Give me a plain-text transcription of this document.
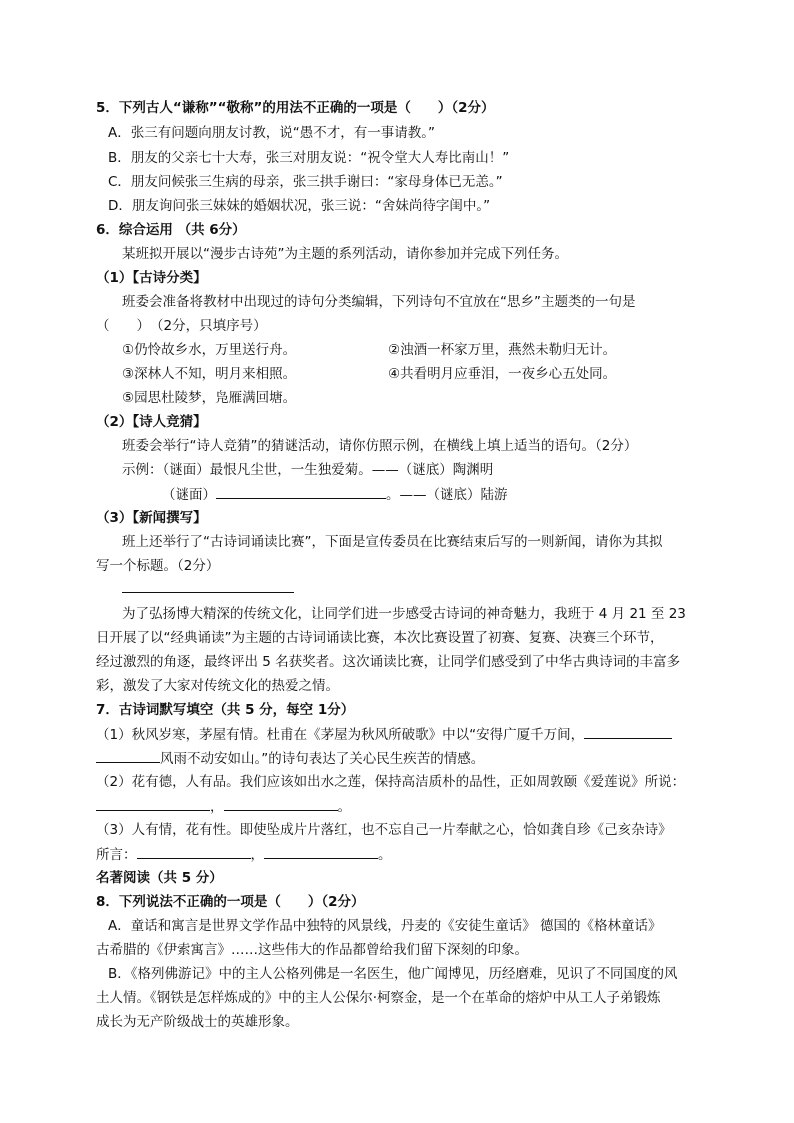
5．下列古人“谦称”“敬称”的用法不正确的一项是（　　）（2分）
A．张三有问题向朋友讨教，说“愚不才，有一事请教。”
B．朋友的父亲七十大寿，张三对朋友说：“祝令堂大人寿比南山！”
C．朋友问候张三生病的母亲，张三拱手谢曰：“家母身体已无恙。”
D．朋友询问张三妹妹的婚姻状况，张三说：“舍妹尚待字闺中。”
6．综合运用 （共 6分）
某班拟开展以“漫步古诗苑”为主题的系列活动，请你参加并完成下列任务。
（1）【古诗分类】
班委会准备将教材中出现过的诗句分类编辑，下列诗句不宜放在“思乡”主题类的一句是
（　　）　（2分，只填序号）
①仍怜故乡水，万里送行舟。	②浊酒一杯家万里，燕然未勒归无计。
③深林人不知，明月来相照。	④共看明月应垂泪，一夜乡心五处同。
⑤园思杜陵梦，凫雁满回塘。
（2）【诗人竞猜】
班委会举行“诗人竞猜”的猜谜活动，请你仿照示例，在横线上填上适当的语句。（2分）
示例：（谜面）最恨凡尘世，一生独爱菊。——（谜底）陶渊明
（谜面）	。——（谜底）陆游
（3）【新闻撰写】
班上还举行了“古诗词诵读比赛”，下面是宣传委员在比赛结束后写的一则新闻，请你为其拟
写一个标题。（2分）
为了弘扬博大精深的传统文化，让同学们进一步感受古诗词的神奇魅力，我班于 4 月 21 至 23
日开展了以“经典诵读”为主题的古诗词诵读比赛，本次比赛设置了初赛、复赛、决赛三个环节，
经过激烈的角逐，最终评出 5 名获奖者。这次诵读比赛，让同学们感受到了中华古典诗词的丰富多
彩，激发了大家对传统文化的热爱之情。
7．古诗词默写填空（共 5 分，每空 1分）
（1）秋风岁寒，茅屋有情。杜甫在《茅屋为秋风所破歌》中以“安得广厦千万间，
风雨不动安如山。”的诗句表达了关心民生疾苦的情感。
（2）花有德，人有品。我们应该如出水之莲，保持高洁质朴的品性，正如周敦颐《爱莲说》所说：
，	。
（3）人有情，花有性。即使坠成片片落红，也不忘自己一片奉献之心，恰如龚自珍《己亥杂诗》
所言：	，	。
名著阅读（共 5 分）
8．下列说法不正确的一项是（　　）（2分）
A．童话和寓言是世界文学作品中独特的风景线，丹麦的《安徒生童话》 德国的《格林童话》
古希腊的《伊索寓言》……这些伟大的作品都曾给我们留下深刻的印象。
B．《格列佛游记》中的主人公格列佛是一名医生，他广闻博见，历经磨难，见识了不同国度的风
土人情。《钢铁是怎样炼成的》中的主人公保尔·柯察金，是一个在革命的熔炉中从工人子弟锻炼
成长为无产阶级战士的英雄形象。
